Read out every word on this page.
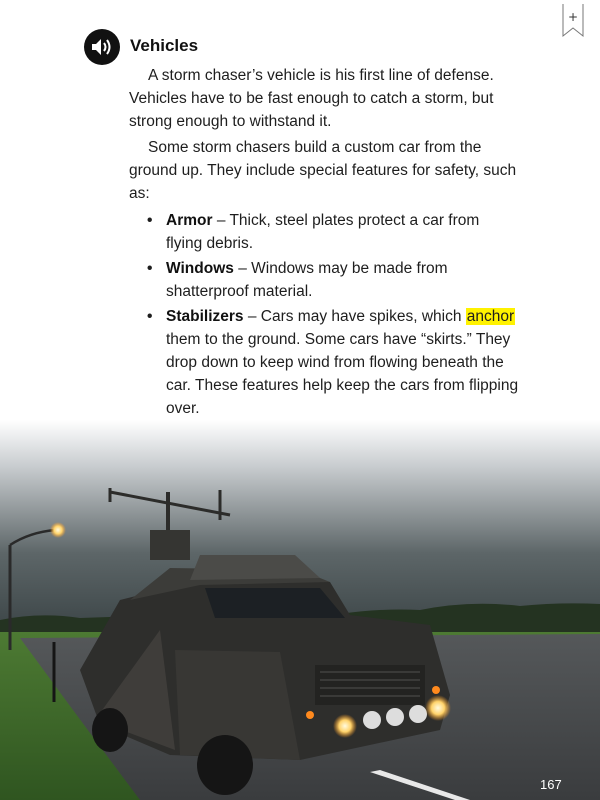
+
Vehicles

A storm chaser’s vehicle is his first line of defense. Vehicles have to be fast enough to catch a storm, but strong enough to withstand it.

Some storm chasers build a custom car from the ground up. They include special features for safety, such as:

• Armor – Thick, steel plates protect a car from flying debris.
• Windows – Windows may be made from shatterproof material.
• Stabilizers – Cars may have spikes, which anchor them to the ground. Some cars have “skirts.” They drop down to keep wind from flowing beneath the car. These features help keep the cars from flipping over.

167
